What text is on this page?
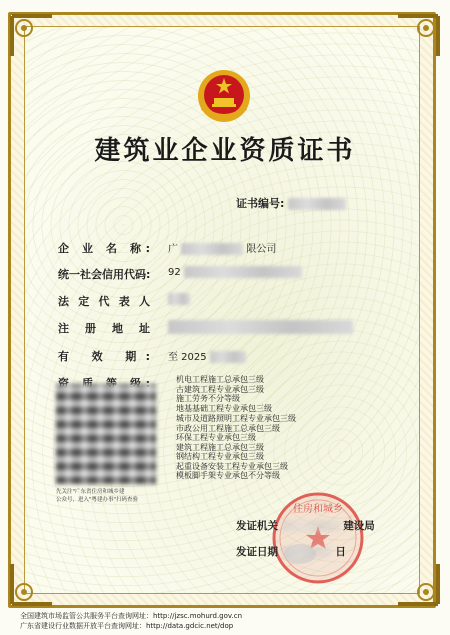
建筑业企业资质证书
证书编号:
企 业 名 称: 广	限公司
统一社会信用代码: 92
法 定 代 表 人
注 册 地 址
有 效 期: 至 2025
机电工程施工总承包三级
古建筑工程专业承包三级
施工劳务不分等级
地基基础工程专业承包三级
城市及道路照明工程专业承包三级
市政公用工程施工总承包三级
环保工程专业承包三级
建筑工程施工总承包三级
钢结构工程专业承包三级
起重设备安装工程专业承包三级
模板脚手架专业承包不分等级
先关注"广东省住房和城乡建
公众号，进入"粤建办事"扫码查验
住房和城乡
发证机关	建设局
发证日期	日
全国建筑市场监管公共服务平台查询网址：http://jzsc.mohurd.gov.cn
广东省建设行业数据开放平台查询网址：http://data.gdcic.net/dop
